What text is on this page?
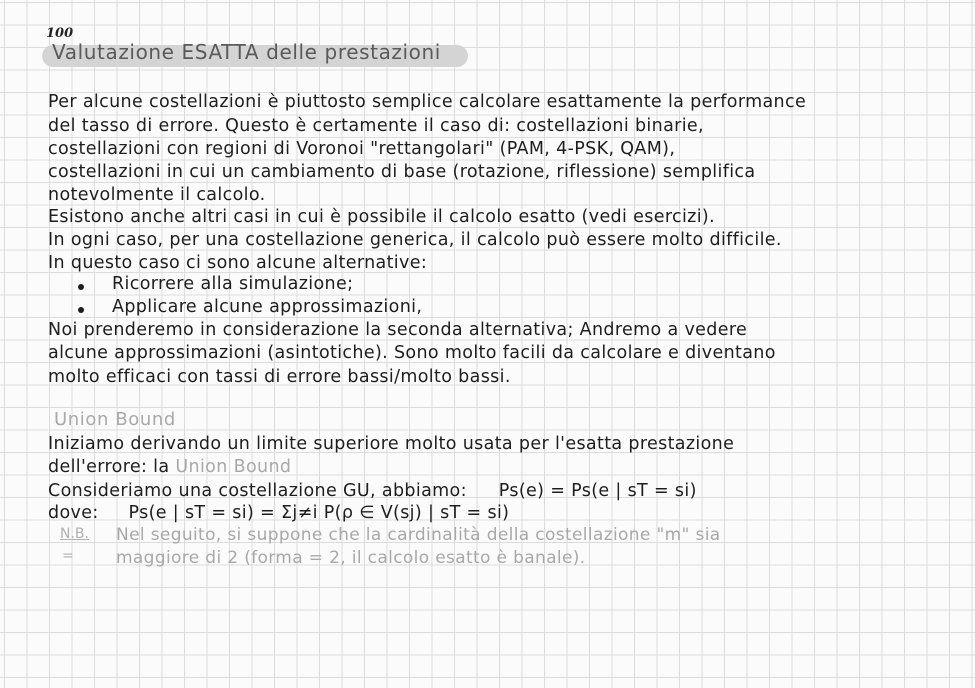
100
Valutazione ESATTA delle prestazioni
Per alcune costellazioni è piuttosto semplice calcolare esattamente la performance
del tasso di errore. Questo è certamente il caso di: costellazioni binarie,
costellazioni con regioni di Voronoi "rettangolari" (PAM, 4-PSK, QAM),
costellazioni in cui un cambiamento di base (rotazione, riflessione) semplifica
notevolmente il calcolo.
Esistono anche altri casi in cui è possibile il calcolo esatto (vedi esercizi).
In ogni caso, per una costellazione generica, il calcolo può essere molto difficile.
In questo caso ci sono alcune alternative:
Ricorrere alla simulazione;
Applicare alcune approssimazioni,
Noi prenderemo in considerazione la seconda alternativa; Andremo a vedere
alcune approssimazioni (asintotiche). Sono molto facili da calcolare e diventano
molto efficaci con tassi di errore bassi/molto bassi.
Union Bound
Iniziamo derivando un limite superiore molto usata per l'esatta prestazione
dell'errore: la Union Bound
Consideriamo una costellazione GU, abbiamo: Ps(e) = Ps(e | sT = si)
dove: Ps(e | sT = si) = Σj≠i P(ρ ∈ V(sj) | sT = si)
N.B.
=
Nel seguito, si suppone che la cardinalità della costellazione "m" sia
maggiore di 2 (forma = 2, il calcolo esatto è banale).
